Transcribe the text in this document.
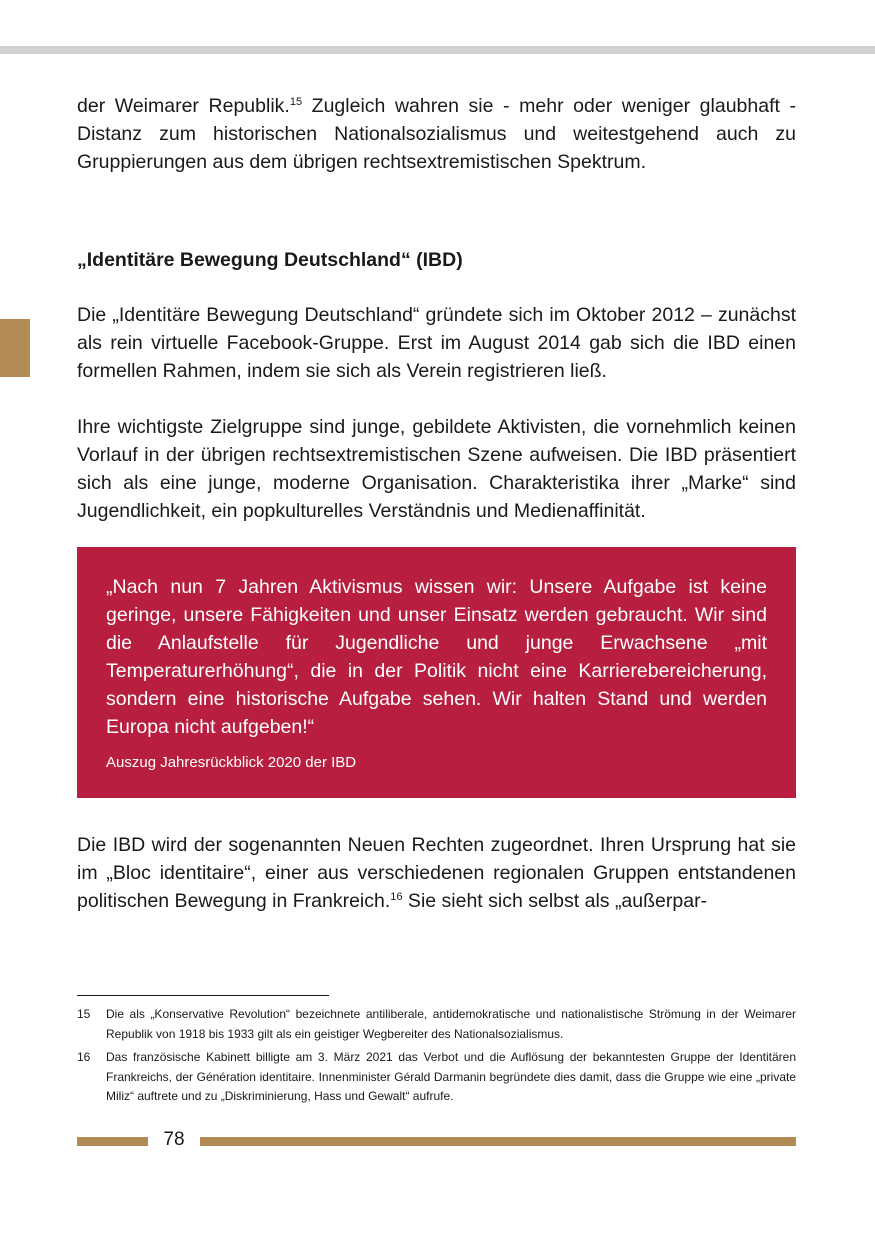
der Weimarer Republik.$^{15}$ Zugleich wahren sie - mehr oder weniger glaubhaft - Distanz zum historischen Nationalsozialismus und weitestgehend auch zu Gruppierungen aus dem übrigen rechtsextremistischen Spektrum.

„Identitäre Bewegung Deutschland“ (IBD)

Die „Identitäre Bewegung Deutschland“ gründete sich im Oktober 2012 – zunächst als rein virtuelle Facebook-Gruppe. Erst im August 2014 gab sich die IBD einen formellen Rahmen, indem sie sich als Verein registrieren ließ.

Ihre wichtigste Zielgruppe sind junge, gebildete Aktivisten, die vornehmlich keinen Vorlauf in der übrigen rechtsextremistischen Szene aufweisen. Die IBD präsentiert sich als eine junge, moderne Organisation. Charakteristika ihrer „Marke“ sind Jugendlichkeit, ein popkulturelles Verständnis und Medienaffinität.

„Nach nun 7 Jahren Aktivismus wissen wir: Unsere Aufgabe ist keine geringe, unsere Fähigkeiten und unser Einsatz werden gebraucht. Wir sind die Anlaufstelle für Jugendliche und junge Erwachsene „mit Temperaturerhöhung“, die in der Politik nicht eine Karrierebereicherung, sondern eine historische Aufgabe sehen. Wir halten Stand und werden Europa nicht aufgeben!“

Auszug Jahresrückblick 2020 der IBD

Die IBD wird der sogenannten Neuen Rechten zugeordnet. Ihren Ursprung hat sie im „Bloc identitaire“, einer aus verschiedenen regionalen Gruppen entstandenen politischen Bewegung in Frankreich.$^{16}$ Sie sieht sich selbst als „außerpar-

15	Die als „Konservative Revolution“ bezeichnete antiliberale, antidemokratische und nationalistische Strömung in der Weimarer Republik von 1918 bis 1933 gilt als ein geistiger Wegbereiter des Nationalsozialismus.
16	Das französische Kabinett billigte am 3. März 2021 das Verbot und die Auflösung der bekanntesten Gruppe der Identitären Frankreichs, der Génération identitaire. Innenminister Gérald Darmanin begründete dies damit, dass die Gruppe wie eine „private Miliz“ auftrete und zu „Diskriminierung, Hass und Gewalt“ aufrufe.
78
